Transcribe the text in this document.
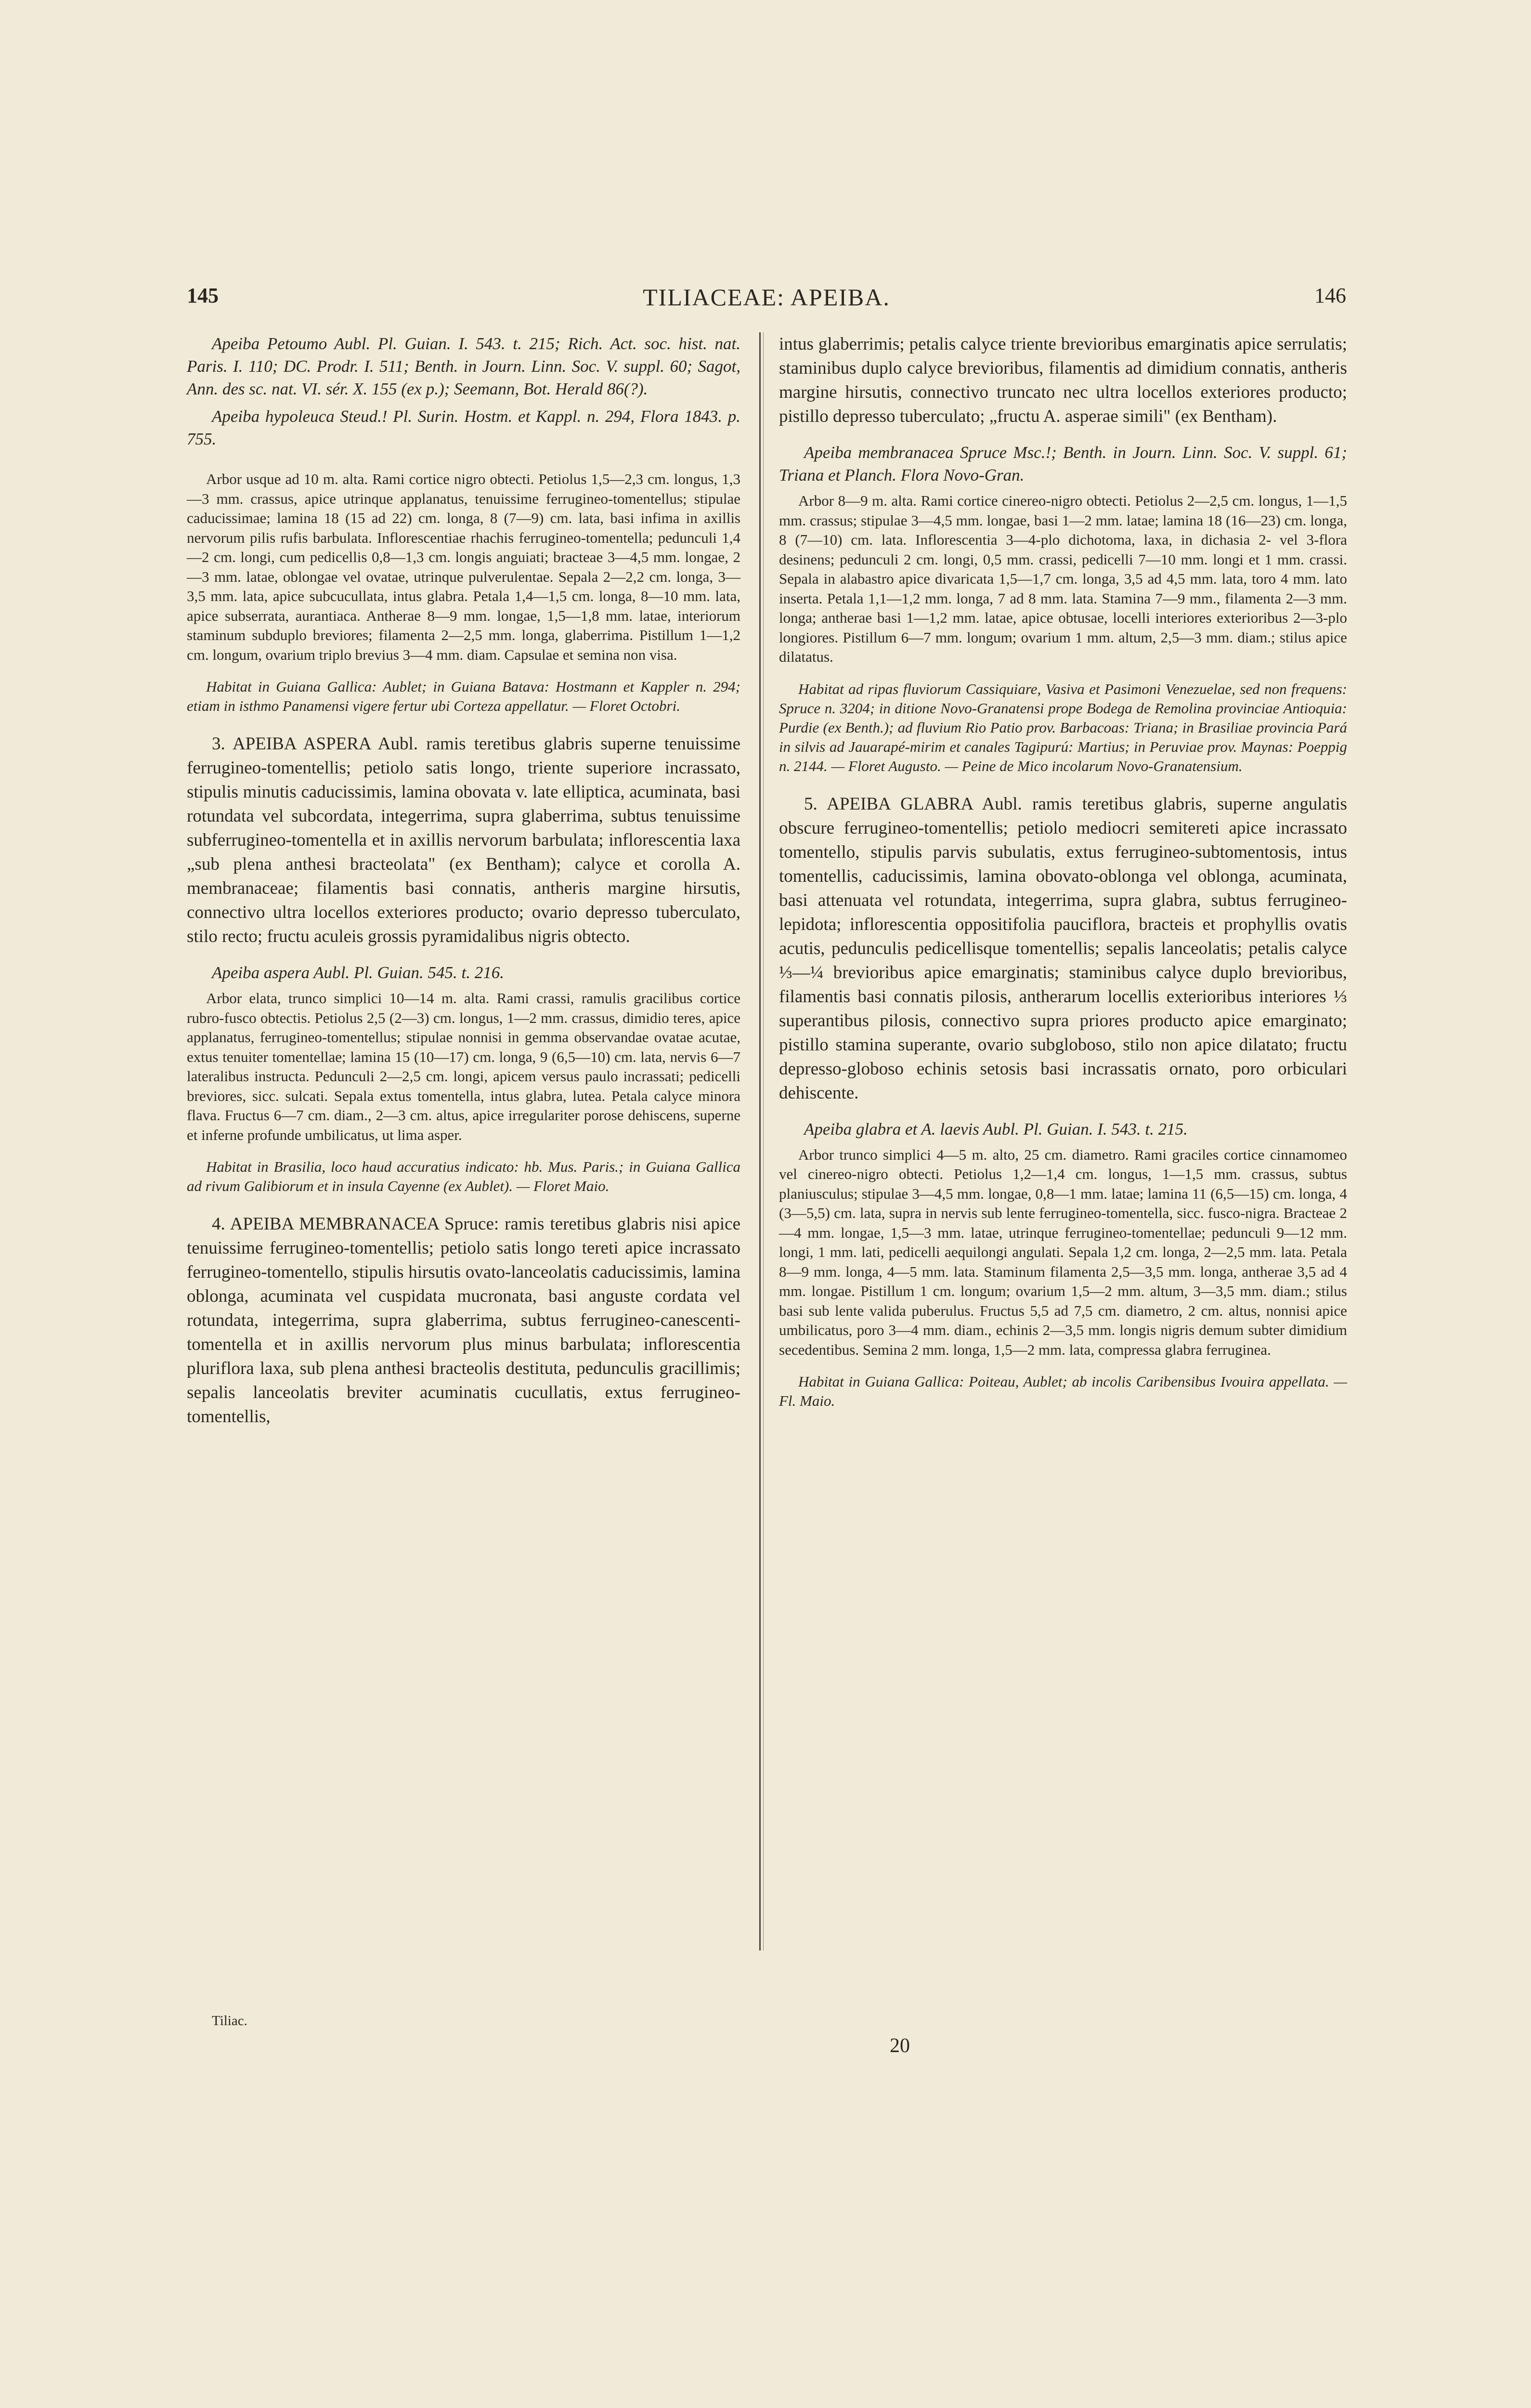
145	TILIACEAE: APEIBA.	146

Apeiba Petoumo Aubl. Pl. Guian. I. 543. t. 215; Rich. Act. soc. hist. nat. Paris. I. 110; DC. Prodr. I. 511; Benth. in Journ. Linn. Soc. V. suppl. 60; Sagot, Ann. des sc. nat. VI. sér. X. 155 (ex p.); Seemann, Bot. Herald 86(?).

Apeiba hypoleuca Steud.! Pl. Surin. Hostm. et Kappl. n. 294, Flora 1843. p. 755.

Arbor usque ad 10 m. alta. Rami cortice nigro obtecti. Petiolus 1,5—2,3 cm. longus, 1,3—3 mm. crassus, apice utrinque applanatus, tenuissime ferrugineo-tomentellus; stipulae caducissimae; lamina 18 (15 ad 22) cm. longa, 8 (7—9) cm. lata, basi infima in axillis nervorum pilis rufis barbulata. Inflorescentiae rhachis ferrugineo-tomentella; pedunculi 1,4—2 cm. longi, cum pedicellis 0,8—1,3 cm. longis anguiati; bracteae 3—4,5 mm. longae, 2—3 mm. latae, oblongae vel ovatae, utrinque pulverulentae. Sepala 2—2,2 cm. longa, 3—3,5 mm. lata, apice subcucullata, intus glabra. Petala 1,4—1,5 cm. longa, 8—10 mm. lata, apice subserrata, aurantiaca. Antherae 8—9 mm. longae, 1,5—1,8 mm. latae, interiorum staminum subduplo breviores; filamenta 2—2,5 mm. longa, glaberrima. Pistillum 1—1,2 cm. longum, ovarium triplo brevius 3—4 mm. diam. Capsulae et semina non visa.

Habitat in Guiana Gallica: Aublet; in Guiana Batava: Hostmann et Kappler n. 294; etiam in isthmo Panamensi vigere fertur ubi Corteza appellatur. — Floret Octobri.

3. APEIBA ASPERA Aubl. ramis teretibus glabris superne tenuissime ferrugineo-tomentellis; petiolo satis longo, triente superiore incrassato, stipulis minutis caducissimis, lamina obovata v. late elliptica, acuminata, basi rotundata vel subcordata, integerrima, supra glaberrima, subtus tenuissime subferrugineo-tomentella et in axillis nervorum barbulata; inflorescentia laxa „sub plena anthesi bracteolata" (ex Bentham); calyce et corolla A. membranaceae; filamentis basi connatis, antheris margine hirsutis, connectivo ultra locellos exteriores producto; ovario depresso tuberculato, stilo recto; fructu aculeis grossis pyramidalibus nigris obtecto.

Apeiba aspera Aubl. Pl. Guian. 545. t. 216.

Arbor elata, trunco simplici 10—14 m. alta. Rami crassi, ramulis gracilibus cortice rubro-fusco obtectis. Petiolus 2,5 (2—3) cm. longus, 1—2 mm. crassus, dimidio teres, apice applanatus, ferrugineo-tomentellus; stipulae nonnisi in gemma observandae ovatae acutae, extus tenuiter tomentellae; lamina 15 (10—17) cm. longa, 9 (6,5—10) cm. lata, nervis 6—7 lateralibus instructa. Pedunculi 2—2,5 cm. longi, apicem versus paulo incrassati; pedicelli breviores, sicc. sulcati. Sepala extus tomentella, intus glabra, lutea. Petala calyce minora flava. Fructus 6—7 cm. diam., 2—3 cm. altus, apice irregulariter porose dehiscens, superne et inferne profunde umbilicatus, ut lima asper.

Habitat in Brasilia, loco haud accuratius indicato: hb. Mus. Paris.; in Guiana Gallica ad rivum Galibiorum et in insula Cayenne (ex Aublet). — Floret Maio.

4. APEIBA MEMBRANACEA Spruce: ramis teretibus glabris nisi apice tenuissime ferrugineo-tomentellis; petiolo satis longo tereti apice incrassato ferrugineo-tomentello, stipulis hirsutis ovato-lanceolatis caducissimis, lamina oblonga, acuminata vel cuspidata mucronata, basi anguste cordata vel rotundata, integerrima, supra glaberrima, subtus ferrugineo-canescenti-tomentella et in axillis nervorum plus minus barbulata; inflorescentia pluriflora laxa, sub plena anthesi bracteolis destituta, pedunculis gracillimis; sepalis lanceolatis breviter acuminatis cucullatis, extus ferrugineo-tomentellis,

intus glaberrimis; petalis calyce triente brevioribus emarginatis apice serrulatis; staminibus duplo calyce brevioribus, filamentis ad dimidium connatis, antheris margine hirsutis, connectivo truncato nec ultra locellos exteriores producto; pistillo depresso tuberculato; „fructu A. asperae simili" (ex Bentham).

Apeiba membranacea Spruce Msc.!; Benth. in Journ. Linn. Soc. V. suppl. 61; Triana et Planch. Flora Novo-Gran.

Arbor 8—9 m. alta. Rami cortice cinereo-nigro obtecti. Petiolus 2—2,5 cm. longus, 1—1,5 mm. crassus; stipulae 3—4,5 mm. longae, basi 1—2 mm. latae; lamina 18 (16—23) cm. longa, 8 (7—10) cm. lata. Inflorescentia 3—4-plo dichotoma, laxa, in dichasia 2- vel 3-flora desinens; pedunculi 2 cm. longi, 0,5 mm. crassi, pedicelli 7—10 mm. longi et 1 mm. crassi. Sepala in alabastro apice divaricata 1,5—1,7 cm. longa, 3,5 ad 4,5 mm. lata, toro 4 mm. lato inserta. Petala 1,1—1,2 mm. longa, 7 ad 8 mm. lata. Stamina 7—9 mm., filamenta 2—3 mm. longa; antherae basi 1—1,2 mm. latae, apice obtusae, locelli interiores exterioribus 2—3-plo longiores. Pistillum 6—7 mm. longum; ovarium 1 mm. altum, 2,5—3 mm. diam.; stilus apice dilatatus.

Habitat ad ripas fluviorum Cassiquiare, Vasiva et Pasimoni Venezuelae, sed non frequens: Spruce n. 3204; in ditione Novo-Granatensi prope Bodega de Remolina provinciae Antioquia: Purdie (ex Benth.); ad fluvium Rio Patio prov. Barbacoas: Triana; in Brasiliae provincia Pará in silvis ad Jauarapé-mirim et canales Tagipurú: Martius; in Peruviae prov. Maynas: Poeppig n. 2144. — Floret Augusto. — Peine de Mico incolarum Novo-Granatensium.

5. APEIBA GLABRA Aubl. ramis teretibus glabris, superne angulatis obscure ferrugineo-tomentellis; petiolo mediocri semitereti apice incrassato tomentello, stipulis parvis subulatis, extus ferrugineo-subtomentosis, intus tomentellis, caducissimis, lamina obovato-oblonga vel oblonga, acuminata, basi attenuata vel rotundata, integerrima, supra glabra, subtus ferrugineo-lepidota; inflorescentia oppositifolia pauciflora, bracteis et prophyllis ovatis acutis, pedunculis pedicellisque tomentellis; sepalis lanceolatis; petalis calyce ⅓—¼ brevioribus apice emarginatis; staminibus calyce duplo brevioribus, filamentis basi connatis pilosis, antherarum locellis exterioribus interiores ⅓ superantibus pilosis, connectivo supra priores producto apice emarginato; pistillo stamina superante, ovario subgloboso, stilo non apice dilatato; fructu depresso-globoso echinis setosis basi incrassatis ornato, poro orbiculari dehiscente.

Apeiba glabra et A. laevis Aubl. Pl. Guian. I. 543. t. 215.

Arbor trunco simplici 4—5 m. alto, 25 cm. diametro. Rami graciles cortice cinnamomeo vel cinereo-nigro obtecti. Petiolus 1,2—1,4 cm. longus, 1—1,5 mm. crassus, subtus planiusculus; stipulae 3—4,5 mm. longae, 0,8—1 mm. latae; lamina 11 (6,5—15) cm. longa, 4 (3—5,5) cm. lata, supra in nervis sub lente ferrugineo-tomentella, sicc. fusco-nigra. Bracteae 2—4 mm. longae, 1,5—3 mm. latae, utrinque ferrugineo-tomentellae; pedunculi 9—12 mm. longi, 1 mm. lati, pedicelli aequilongi angulati. Sepala 1,2 cm. longa, 2—2,5 mm. lata. Petala 8—9 mm. longa, 4—5 mm. lata. Staminum filamenta 2,5—3,5 mm. longa, antherae 3,5 ad 4 mm. longae. Pistillum 1 cm. longum; ovarium 1,5—2 mm. altum, 3—3,5 mm. diam.; stilus basi sub lente valida puberulus. Fructus 5,5 ad 7,5 cm. diametro, 2 cm. altus, nonnisi apice umbilicatus, poro 3—4 mm. diam., echinis 2—3,5 mm. longis nigris demum subter dimidium secedentibus. Semina 2 mm. longa, 1,5—2 mm. lata, compressa glabra ferruginea.

Habitat in Guiana Gallica: Poiteau, Aublet; ab incolis Caribensibus Ivouira appellata. — Fl. Maio.

Tiliac.
20
